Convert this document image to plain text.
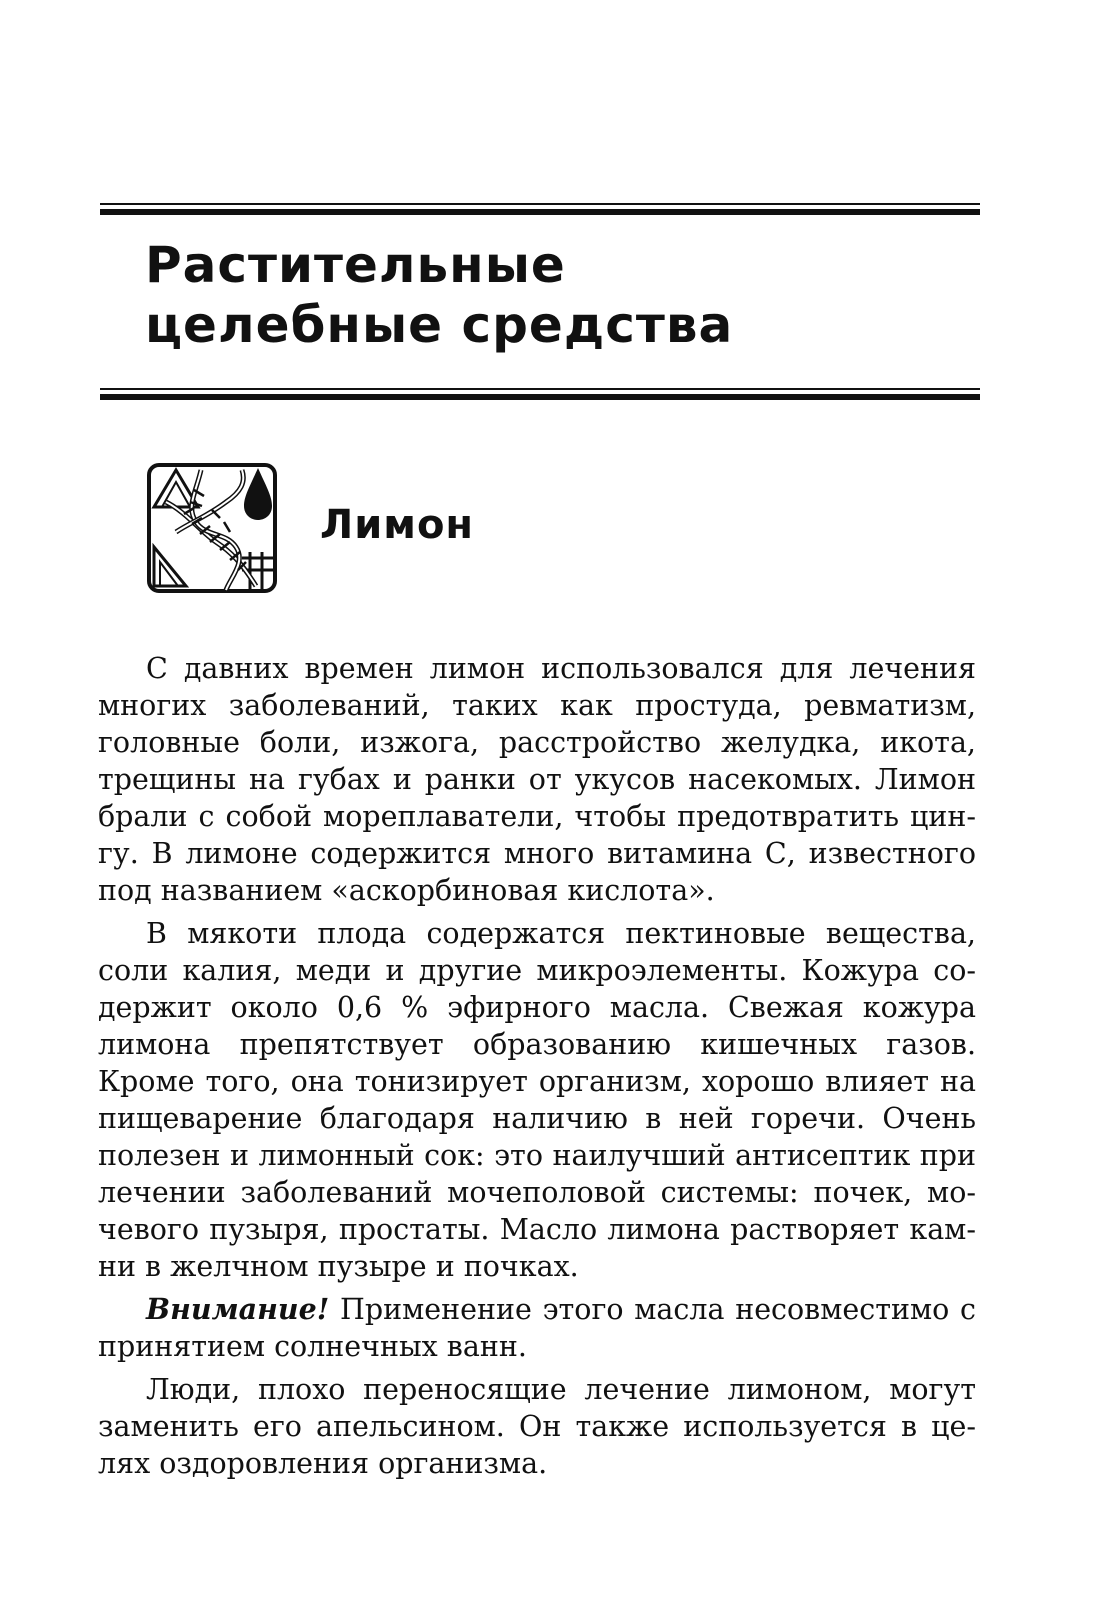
Растительные
целебные средства
Лимон

С давних времен лимон использовался для лечения многих заболеваний, таких как простуда, ревматизм, головные боли, изжога, расстройство желудка, икота, трещины на губах и ранки от укусов насекомых. Лимон брали с собой мореплаватели, чтобы предотвратить цингу. В лимоне содержится много витамина С, известного под названием «аскорбиновая кислота».

В мякоти плода содержатся пектиновые вещества, соли калия, меди и другие микроэлементы. Кожура содержит около 0,6 % эфирного масла. Свежая кожура лимона препятствует образованию кишечных газов. Кроме того, она тонизирует организм, хорошо влияет на пищеварение благодаря наличию в ней горечи. Очень полезен и лимонный сок: это наилучший антисептик при лечении заболеваний мочеполовой системы: почек, мочевого пузыря, простаты. Масло лимона растворяет камни в желчном пузыре и почках.

Внимание! Применение этого масла несовместимо с принятием солнечных ванн.

Люди, плохо переносящие лечение лимоном, могут заменить его апельсином. Он также используется в целях оздоровления организма.
